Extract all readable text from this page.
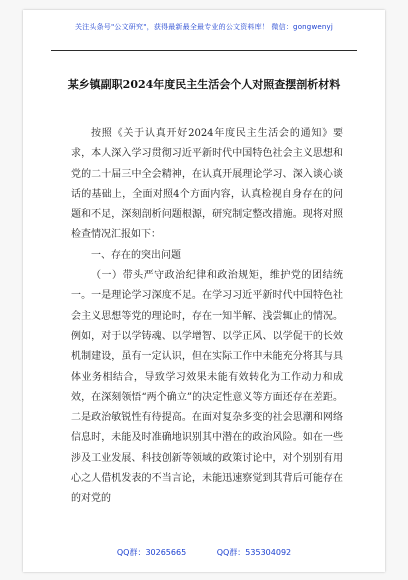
关注头条号"公文研究"，获得最新最全最专业的公文资料库！ 微信：gongwenyj
某乡镇副职2024年度民主生活会个人对照查摆剖析材料

按照《关于认真开好2024年度民主生活会的通知》要求，本人深入学习贯彻习近平新时代中国特色社会主义思想和党的二十届三中全会精神，在认真开展理论学习、深入谈心谈话的基础上，全面对照4个方面内容，认真检视自身存在的问题和不足，深刻剖析问题根源，研究制定整改措施。现将对照检查情况汇报如下：

一、存在的突出问题

（一）带头严守政治纪律和政治规矩，维护党的团结统一。一是理论学习深度不足。在学习习近平新时代中国特色社会主义思想等党的理论时，存在一知半解、浅尝辄止的情况。例如，对于以学铸魂、以学增智、以学正风、以学促干的长效机制建设，虽有一定认识，但在实际工作中未能充分将其与具体业务相结合，导致学习效果未能有效转化为工作动力和成效，在深刻领悟“两个确立”的决定性意义等方面还存在差距。二是政治敏锐性有待提高。在面对复杂多变的社会思潮和网络信息时，未能及时准确地识别其中潜在的政治风险。如在一些涉及工业发展、科技创新等领域的政策讨论中，对个别别有用心之人借机发表的不当言论，未能迅速察觉到其背后可能存在的对党的

QQ群：30265665	QQ群：535304092
